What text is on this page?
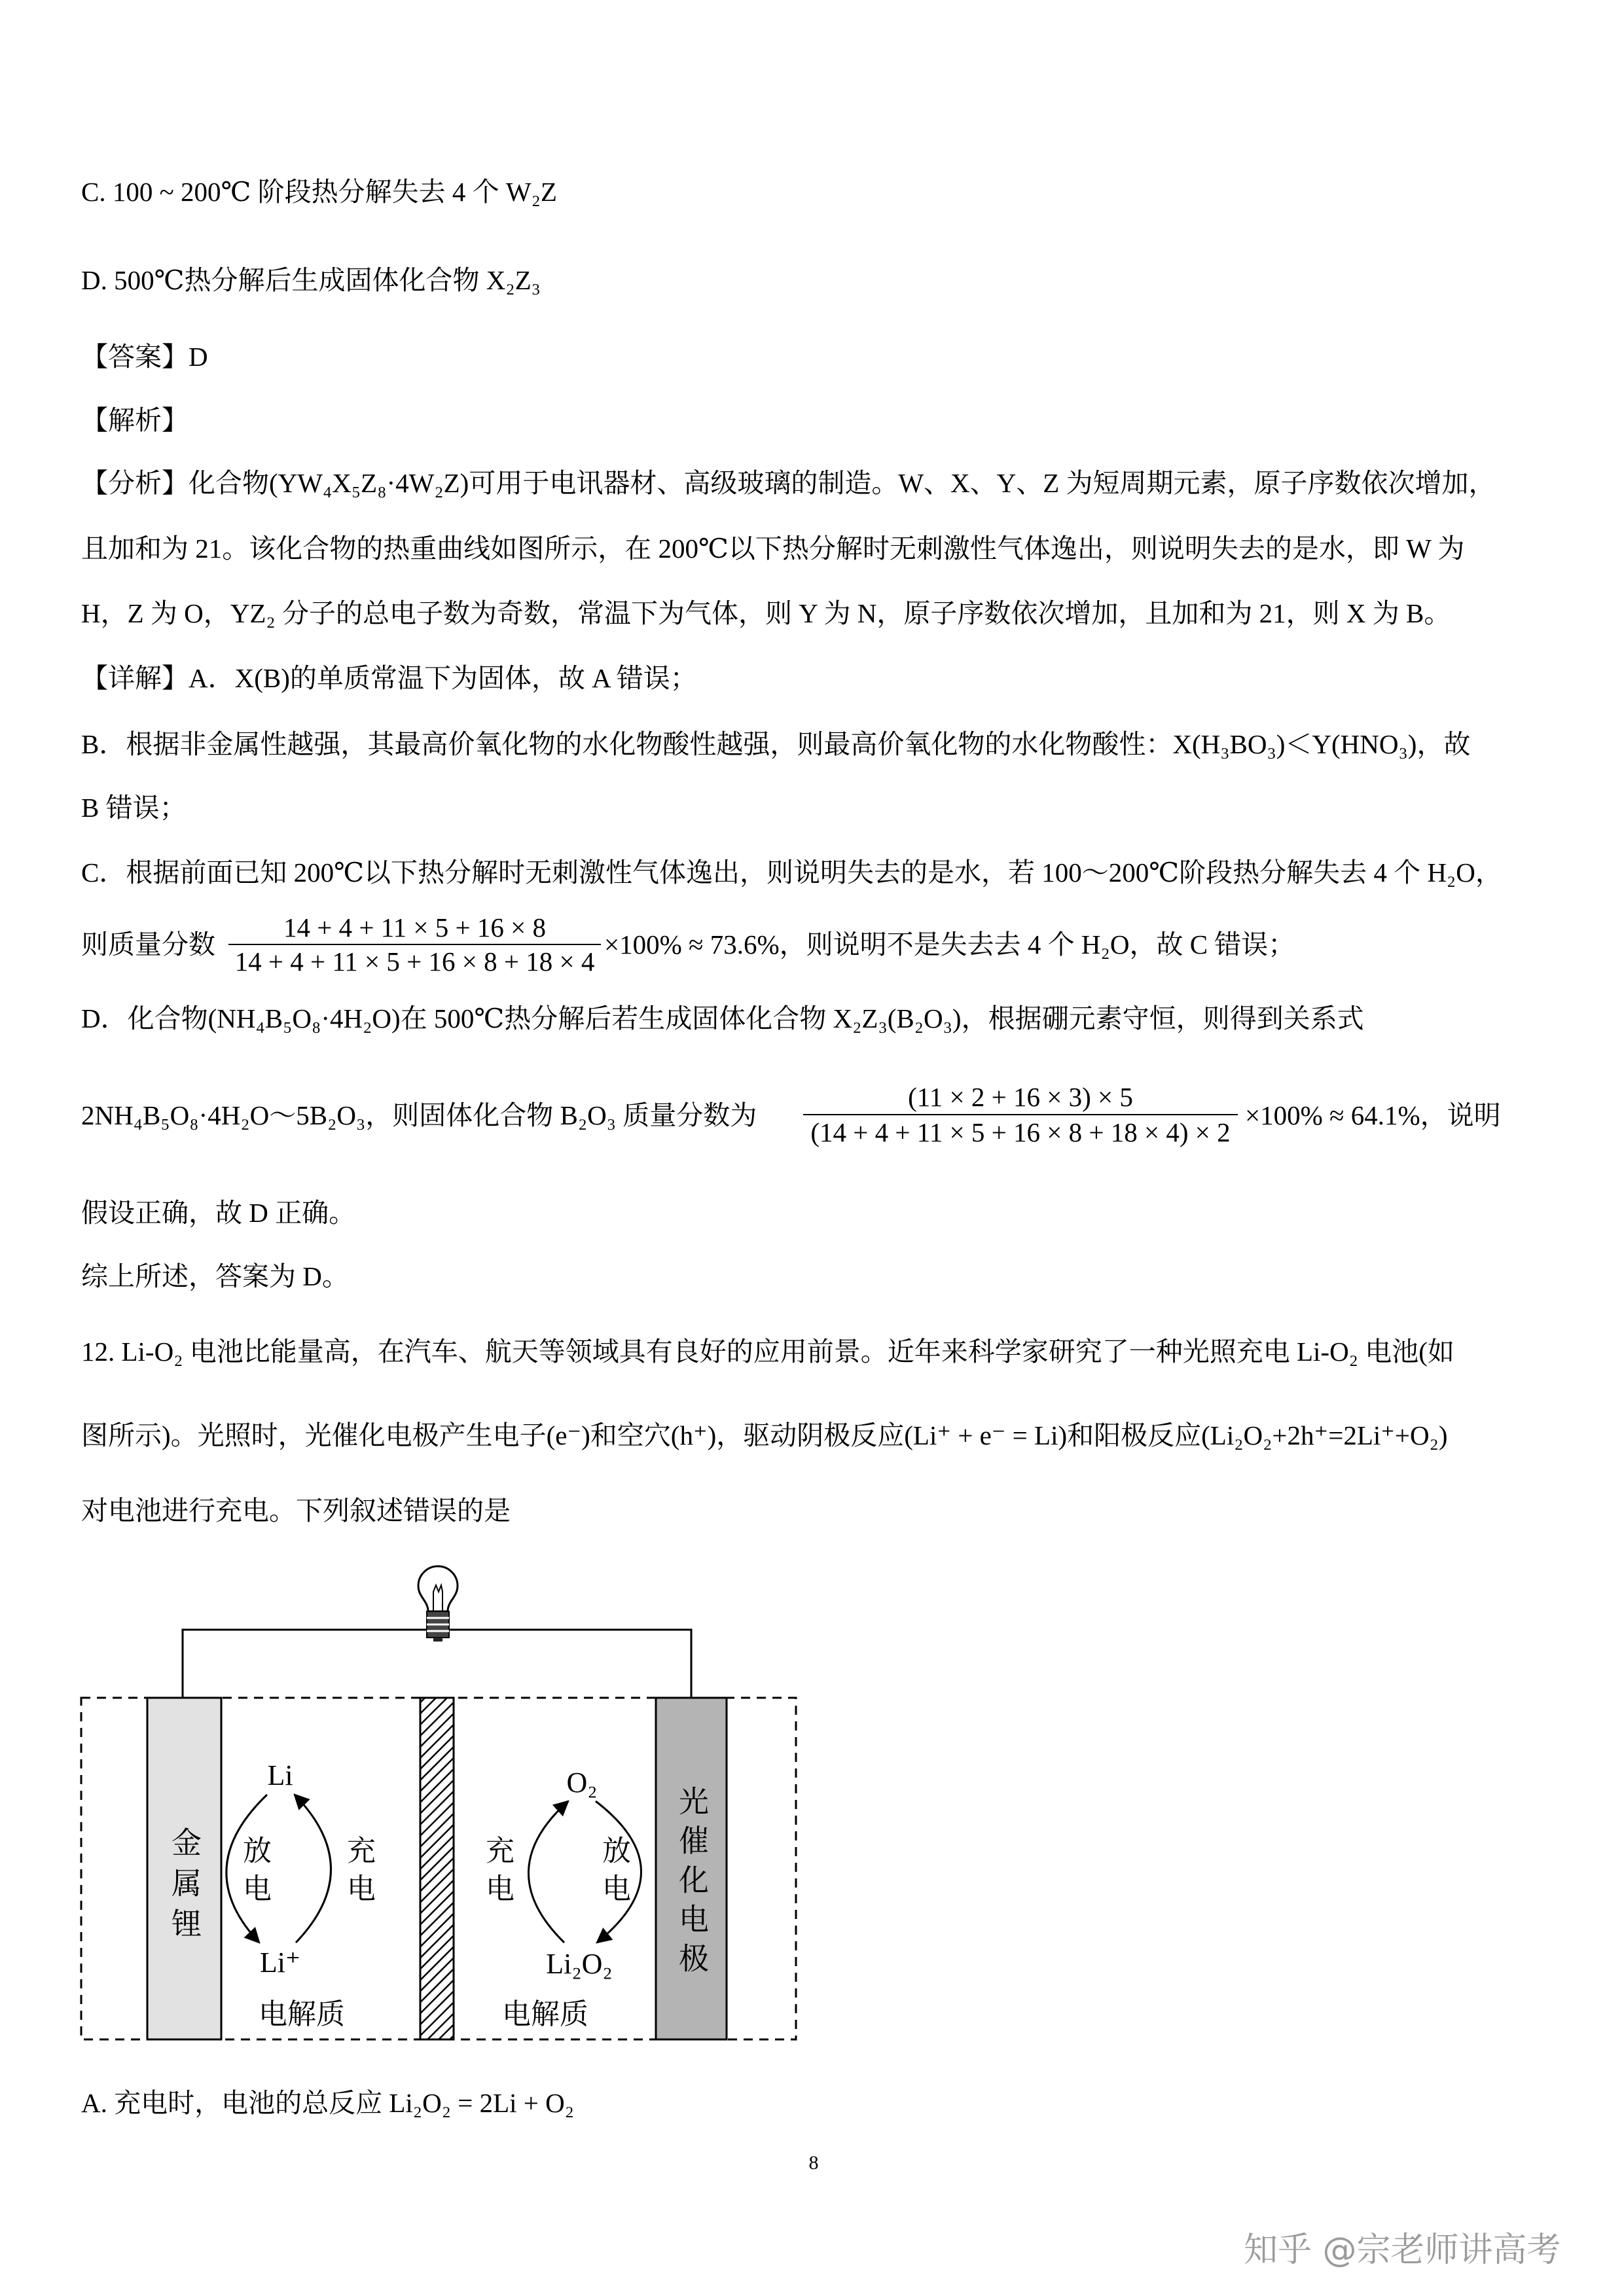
C. 100 ~ 200℃ 阶段热分解失去 4 个 W₂Z
D. 500℃热分解后生成固体化合物 X₂Z₃
【答案】D
【解析】
【分析】化合物(YW₄X₅Z₈·4W₂Z)可用于电讯器材、高级玻璃的制造。W、X、Y、Z 为短周期元素，原子序数依次增加，
且加和为 21。该化合物的热重曲线如图所示，在 200℃以下热分解时无刺激性气体逸出，则说明失去的是水，即 W 为
H，Z 为 O，YZ₂ 分子的总电子数为奇数，常温下为气体，则 Y 为 N，原子序数依次增加，且加和为 21，则 X 为 B。
【详解】A．X(B)的单质常温下为固体，故 A 错误；
B．根据非金属性越强，其最高价氧化物的水化物酸性越强，则最高价氧化物的水化物酸性：X(H₃BO₃)＜Y(HNO₃)，故
B 错误；
C．根据前面已知 200℃以下热分解时无刺激性气体逸出，则说明失去的是水，若 100～200℃阶段热分解失去 4 个 H₂O，
则质量分数 $\frac{14 + 4 + 11 \times 5 + 16 \times 8}{14 + 4 + 11 \times 5 + 16 \times 8 + 18 \times 4} \times 100\% \approx 73.6\%$，则说明不是失去去 4 个 H₂O，故 C 错误；
D．化合物(NH₄B₅O₈·4H₂O)在 500℃热分解后若生成固体化合物 X₂Z₃(B₂O₃)，根据硼元素守恒，则得到关系式
2NH₄B₅O₈·4H₂O～5B₂O₃，则固体化合物 B₂O₃ 质量分数为 $\frac{(11 \times 2 + 16 \times 3) \times 5}{(14 + 4 + 11 \times 5 + 16 \times 8 + 18 \times 4) \times 2} \times 100\% \approx 64.1\%$，说明
假设正确，故 D 正确。
综上所述，答案为 D。
12. Li-O₂ 电池比能量高，在汽车、航天等领域具有良好的应用前景。近年来科学家研究了一种光照充电 Li-O₂ 电池(如
图所示)。光照时，光催化电极产生电子(e⁻)和空穴(h⁺)，驱动阴极反应(Li⁺ + e⁻ = Li)和阳极反应(Li₂O₂+2h⁺=2Li⁺+O₂)
对电池进行充电。下列叙述错误的是
金属锂	光催化电极
Li
Li⁺
放电	充电
O₂
Li₂O₂
充电	放电
电解质	电解质
A. 充电时，电池的总反应 Li₂O₂ = 2Li + O₂
8
知乎 @宗老师讲高考
